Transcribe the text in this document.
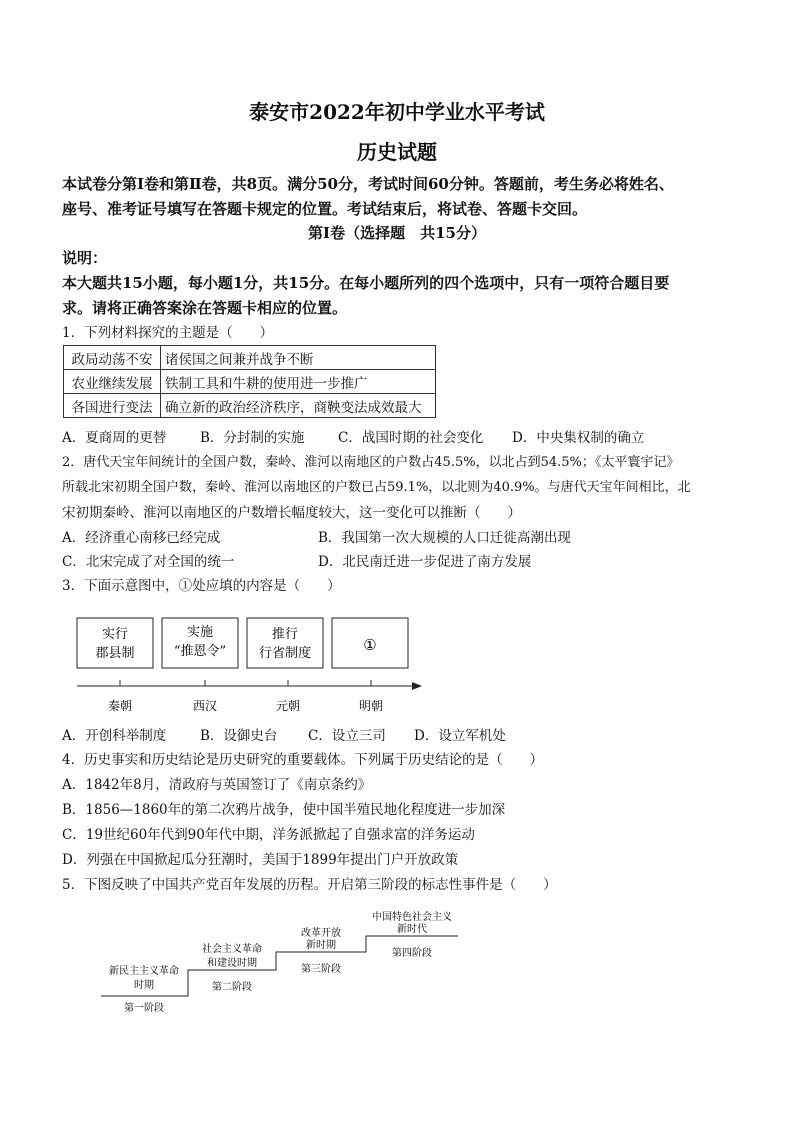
泰安市2022年初中学业水平考试
历史试题
本试卷分第Ⅰ卷和第Ⅱ卷，共8页。满分50分，考试时间60分钟。答题前，考生务必将姓名、
座号、准考证号填写在答题卡规定的位置。考试结束后，将试卷、答题卡交回。
第Ⅰ卷（选择题　共15分）
说明：
本大题共15小题，每小题1分，共15分。在每小题所列的四个选项中，只有一项符合题目要
求。请将正确答案涂在答题卡相应的位置。
1．下列材料探究的主题是（　　）
政局动荡不安	诸侯国之间兼并战争不断
农业继续发展	铁制工具和牛耕的使用进一步推广
各国进行变法	确立新的政治经济秩序，商鞅变法成效最大
A．夏商周的更替	B．分封制的实施 C．战国时期的社会变化 D．中央集权制的确立
2．唐代天宝年间统计的全国户数，秦岭、淮河以南地区的户数占45.5%，以北占到54.5%；《太平寰宇记》
所载北宋初期全国户数，秦岭、淮河以南地区的户数已占59.1%，以北则为40.9%。与唐代天宝年间相比，北
宋初期秦岭、淮河以南地区的户数增长幅度较大，这一变化可以推断（　　）
A．经济重心南移已经完成	B．我国第一次大规模的人口迁徙高潮出现
C．北宋完成了对全国的统一	D．北民南迁进一步促进了南方发展
3．下面示意图中，①处应填的内容是（　　）
实行
郡县制
实施
“推恩令”
推行
行省制度	①
秦朝	西汉	元朝	明朝
A．开创科举制度	B．设御史台 C．设立三司 D．设立军机处
4．历史事实和历史结论是历史研究的重要载体。下列属于历史结论的是（　　）
A．1842年8月，清政府与英国签订了《南京条约》
B．1856—1860年的第二次鸦片战争，使中国半殖民地化程度进一步加深
C．19世纪60年代到90年代中期，洋务派掀起了自强求富的洋务运动
D．列强在中国掀起瓜分狂潮时，美国于1899年提出门户开放政策
5．下图反映了中国共产党百年发展的历程。开启第三阶段的标志性事件是（　　）
新民主主义革命
时期
第一阶段
社会主义革命
和建设时期
第二阶段
改革开放
新时期
第三阶段
中国特色社会主义
新时代
第四阶段
